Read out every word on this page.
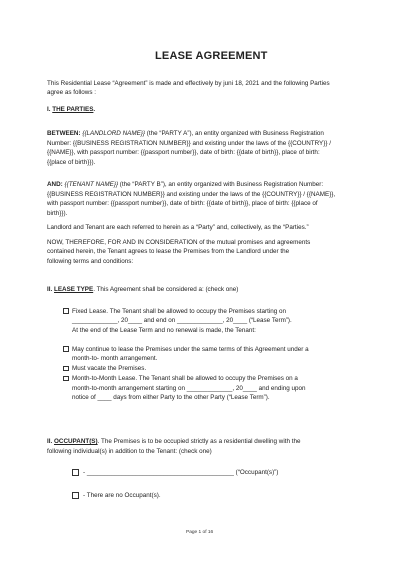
LEASE AGREEMENT
This Residential Lease “Agreement” is made and effectively by juni 18, 2021 and the following Parties
agree as follows :
I. THE PARTIES.
BETWEEN: {{LANDLORD NAME}} (the “PARTY A”), an entity organized with Business Registration
Number: {{BUSINESS REGISTRATION NUMBER}} and existing under the laws of the {{COUNTRY}} /
{{NAME}}, with passport number: {{passport number}}, date of birth: {{date of birth}}, place of birth:
{{place of birth}}).
AND: {{TENANT NAME}} (the “PARTY B”), an entity organized with Business Registration Number:
{{BUSINESS REGISTRATION NUMBER}} and existing under the laws of the {{COUNTRY}} / {{NAME}},
with passport number: {{passport number}}, date of birth: {{date of birth}}, place of birth: {{place of
birth}}).
Landlord and Tenant are each referred to herein as a “Party” and, collectively, as the “Parties.”
NOW, THEREFORE, FOR AND IN CONSIDERATION of the mutual promises and agreements
contained herein, the Tenant agrees to lease the Premises from the Landlord under the
following terms and conditions:
II. LEASE TYPE. This Agreement shall be considered a: (check one)
Fixed Lease. The Tenant shall be allowed to occupy the Premises starting on
_____________, 20____ and end on _____________, 20____ (“Lease Term”).
At the end of the Lease Term and no renewal is made, the Tenant:
May continue to lease the Premises under the same terms of this Agreement under a
month-to- month arrangement.
Must vacate the Premises.
Month-to-Month Lease. The Tenant shall be allowed to occupy the Premises on a
month-to-month arrangement starting on _____________, 20____ and ending upon
notice of ____ days from either Party to the other Party (“Lease Term”).
II. OCCUPANT(S). The Premises is to be occupied strictly as a residential dwelling with the
following individual(s) in addition to the Tenant: (check one)
- __________________________________________ (“Occupant(s)”)
- There are no Occupant(s).
Page 1 of 16
